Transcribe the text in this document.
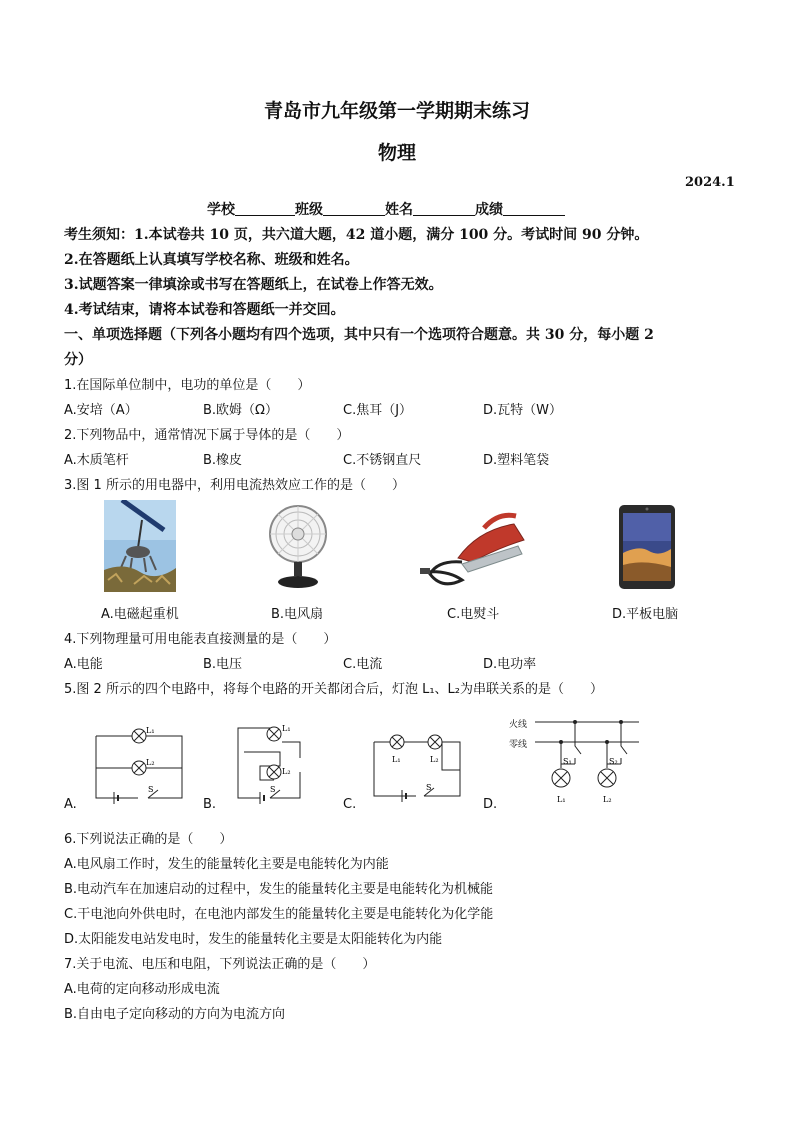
青岛市九年级第一学期期末练习
物理
2024.1
学校	班级	姓名	成绩
考生须知：1.本试卷共 10 页，共六道大题，42 道小题，满分 100 分。考试时间 90 分钟。
2.在答题纸上认真填写学校名称、班级和姓名。
3.试题答案一律填涂或书写在答题纸上，在试卷上作答无效。
4.考试结束，请将本试卷和答题纸一并交回。
一、单项选择题（下列各小题均有四个选项，其中只有一个选项符合题意。共 30 分，每小题 2
分）
1.在国际单位制中，电功的单位是（　　）
A.安培（A）	B.欧姆（Ω）	C.焦耳（J）	D.瓦特（W）
2.下列物品中，通常情况下属于导体的是（　　）
A.木质笔杆	B.橡皮	C.不锈钢直尺	D.塑料笔袋
3.图 1 所示的用电器中，利用电流热效应工作的是（　　）
A.电磁起重机	B.电风扇	C.电熨斗	D.平板电脑
4.下列物理量可用电能表直接测量的是（　　）
A.电能	B.电压	C.电流	D.电功率
5.图 2 所示的四个电路中，将每个电路的开关都闭合后，灯泡 L₁、L₂为串联关系的是（　　）
L₁
L₂
S
L₁
L₂
S
L₁	L₂
S
火线
零线
S₁	S₂
L₁	L₂
A.	B.	C.	D.
6.下列说法正确的是（　　）
A.电风扇工作时，发生的能量转化主要是电能转化为内能
B.电动汽车在加速启动的过程中，发生的能量转化主要是电能转化为机械能
C.干电池向外供电时，在电池内部发生的能量转化主要是电能转化为化学能
D.太阳能发电站发电时，发生的能量转化主要是太阳能转化为内能
7.关于电流、电压和电阻，下列说法正确的是（　　）
A.电荷的定向移动形成电流
B.自由电子定向移动的方向为电流方向
